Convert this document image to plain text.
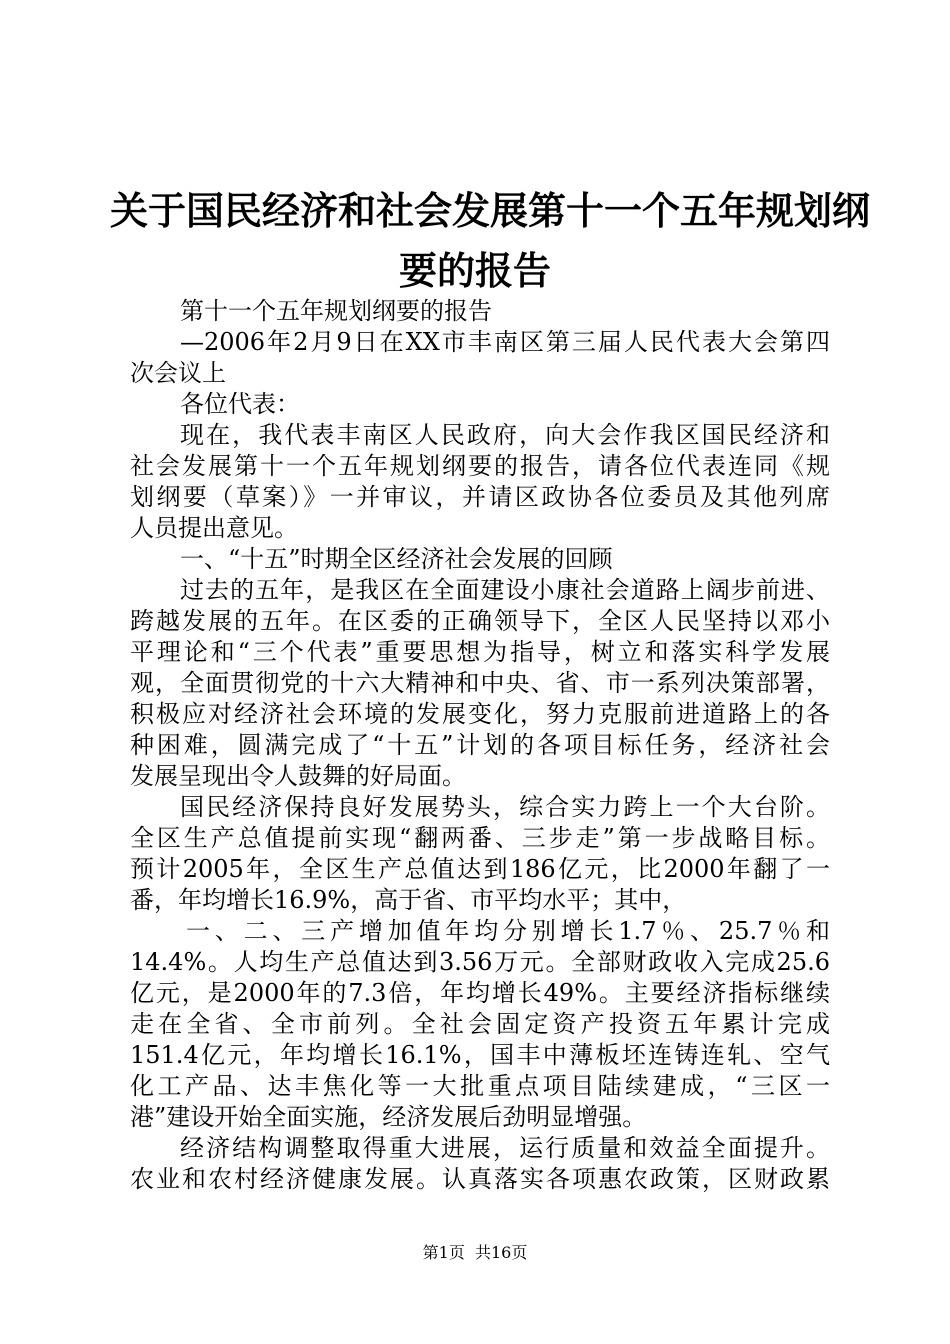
关于国民经济和社会发展第十一个五年规划纲
要的报告
第十一个五年规划纲要的报告
—2006年2月9日在XX市丰南区第三届人民代表大会第四
次会议上
各位代表：
现在，我代表丰南区人民政府，向大会作我区国民经济和
社会发展第十一个五年规划纲要的报告，请各位代表连同《规
划纲要（草案）》一并审议，并请区政协各位委员及其他列席
人员提出意见。
一、“十五”时期全区经济社会发展的回顾
过去的五年，是我区在全面建设小康社会道路上阔步前进、
跨越发展的五年。在区委的正确领导下，全区人民坚持以邓小
平理论和“三个代表”重要思想为指导，树立和落实科学发展
观，全面贯彻党的十六大精神和中央、省、市一系列决策部署，
积极应对经济社会环境的发展变化，努力克服前进道路上的各
种困难，圆满完成了“十五”计划的各项目标任务，经济社会
发展呈现出令人鼓舞的好局面。
国民经济保持良好发展势头，综合实力跨上一个大台阶。
全区生产总值提前实现“翻两番、三步走”第一步战略目标。
预计2005年，全区生产总值达到186亿元，比2000年翻了一
番，年均增长16.9%，高于省、市平均水平；其中，
一、二、三产增加值年均分别增长1.7％、25.7％和
14.4%。人均生产总值达到3.56万元。全部财政收入完成25.6
亿元，是2000年的7.3倍，年均增长49%。主要经济指标继续
走在全省、全市前列。全社会固定资产投资五年累计完成
151.4亿元，年均增长16.1%，国丰中薄板坯连铸连轧、空气
化工产品、达丰焦化等一大批重点项目陆续建成，“三区一
港”建设开始全面实施，经济发展后劲明显增强。
经济结构调整取得重大进展，运行质量和效益全面提升。
农业和农村经济健康发展。认真落实各项惠农政策，区财政累
第1页  共16页
